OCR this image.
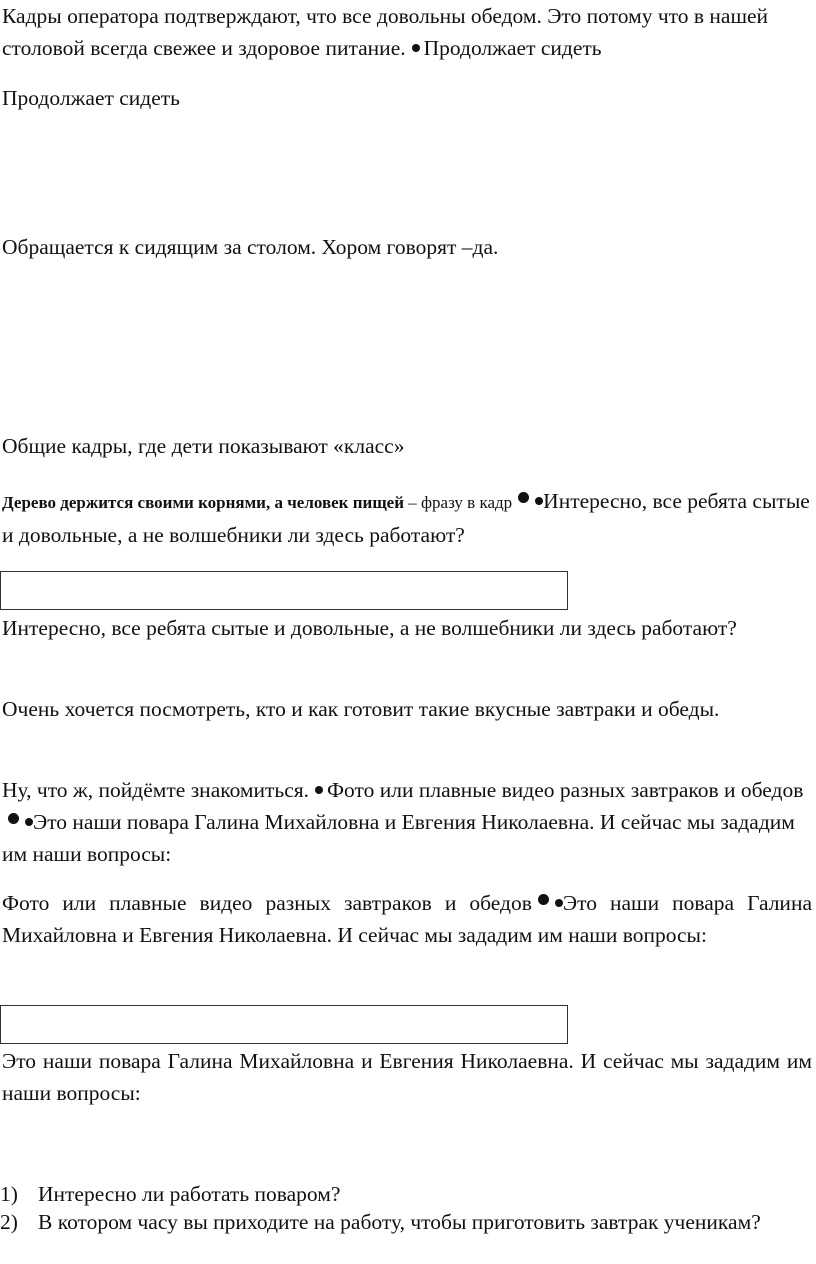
Кадры оператора подтверждают, что все довольны обедом. Это потому что в нашей столовой всегда свежее и здоровое питание. Продолжает сидеть

Продолжает сидеть

Обращается к сидящим за столом. Хором говорят –да.

Общие кадры, где дети показывают «класс»

Дерево держится своими корнями, а человек пищей – фразу в кадр Интересно, все ребята сытые и довольные, а не волшебники ли здесь работают?

Интересно, все ребята сытые и довольные, а не волшебники ли здесь работают?

Очень хочется посмотреть, кто и как готовит такие вкусные завтраки и обеды.

Ну, что ж, пойдёмте знакомиться. Фото или плавные видео разных завтраков и обедовЭто наши повара Галина Михайловна и Евгения Николаевна. И сейчас мы зададим им наши вопросы:

Фото или плавные видео разных завтраков и обедов Это наши повара Галина Михайловна и Евгения Николаевна. И сейчас мы зададим им наши вопросы:

Это наши повара Галина Михайловна и Евгения Николаевна. И сейчас мы зададим им наши вопросы:

1) Интересно ли работать поваром?
2) В котором часу вы приходите на работу, чтобы приготовить завтрак ученикам?
